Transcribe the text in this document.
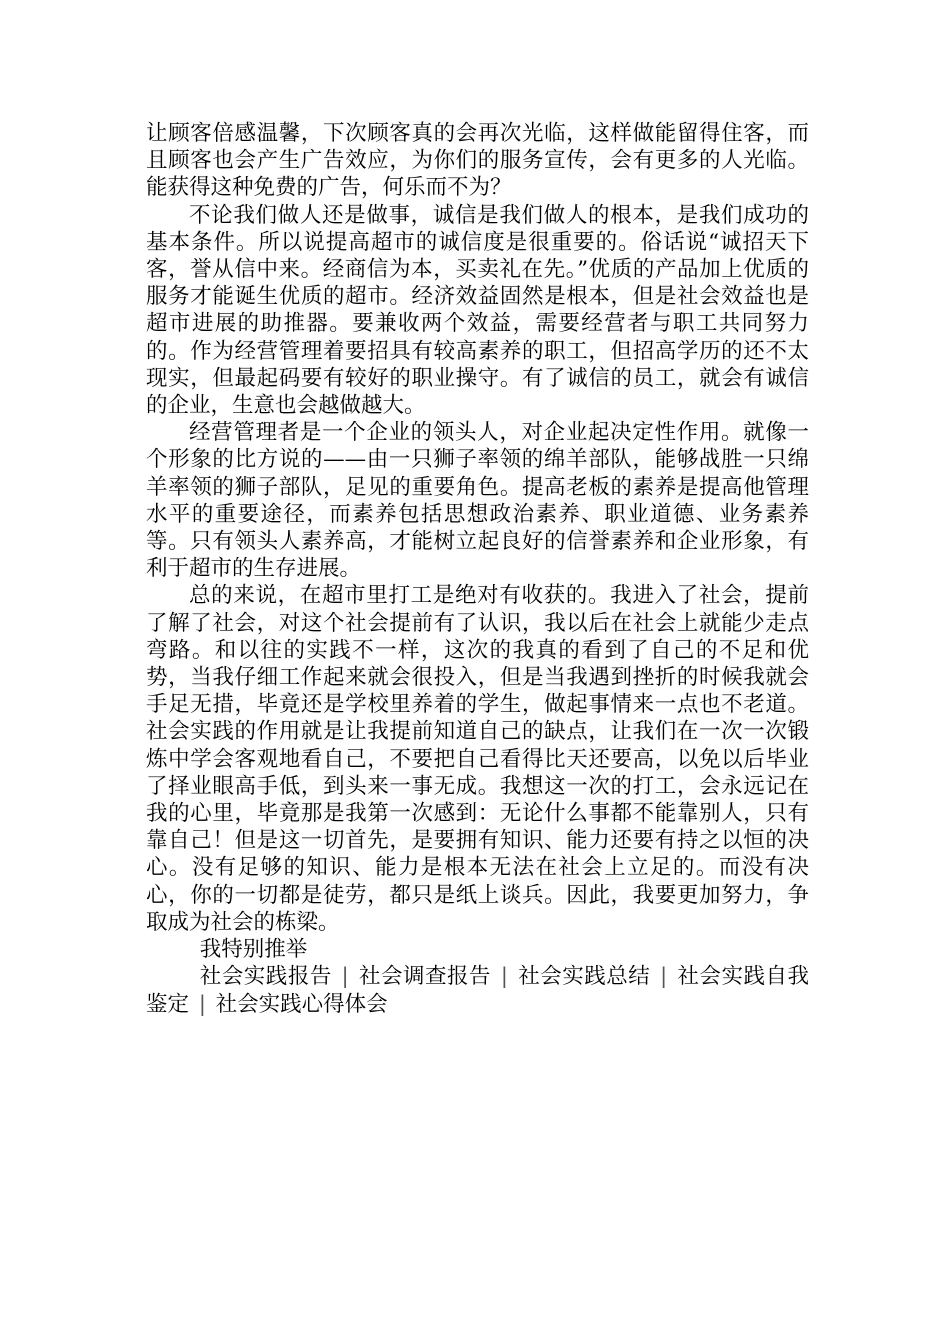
让顾客倍感温馨，下次顾客真的会再次光临，这样做能留得住客，而且顾客也会产生广告效应，为你们的服务宣传，会有更多的人光临。能获得这种免费的广告，何乐而不为？

不论我们做人还是做事，诚信是我们做人的根本，是我们成功的基本条件。所以说提高超市的诚信度是很重要的。俗话说“诚招天下客，誉从信中来。经商信为本，买卖礼在先。”优质的产品加上优质的服务才能诞生优质的超市。经济效益固然是根本，但是社会效益也是超市进展的助推器。要兼收两个效益，需要经营者与职工共同努力的。作为经营管理着要招具有较高素养的职工，但招高学历的还不太现实，但最起码要有较好的职业操守。有了诚信的员工，就会有诚信的企业，生意也会越做越大。

经营管理者是一个企业的领头人，对企业起决定性作用。就像一个形象的比方说的——由一只狮子率领的绵羊部队，能够战胜一只绵羊率领的狮子部队，足见的重要角色。提高老板的素养是提高他管理水平的重要途径，而素养包括思想政治素养、职业道德、业务素养等。只有领头人素养高，才能树立起良好的信誉素养和企业形象，有利于超市的生存进展。

总的来说，在超市里打工是绝对有收获的。我进入了社会，提前了解了社会，对这个社会提前有了认识，我以后在社会上就能少走点弯路。和以往的实践不一样，这次的我真的看到了自己的不足和优势，当我仔细工作起来就会很投入，但是当我遇到挫折的时候我就会手足无措，毕竟还是学校里养着的学生，做起事情来一点也不老道。社会实践的作用就是让我提前知道自己的缺点，让我们在一次一次锻炼中学会客观地看自己，不要把自己看得比天还要高，以免以后毕业了择业眼高手低，到头来一事无成。我想这一次的打工，会永远记在我的心里，毕竟那是我第一次感到：无论什么事都不能靠别人，只有靠自己！但是这一切首先，是要拥有知识、能力还要有持之以恒的决心。没有足够的知识、能力是根本无法在社会上立足的。而没有决心，你的一切都是徒劳，都只是纸上谈兵。因此，我要更加努力，争取成为社会的栋梁。

我特别推举

社会实践报告 | 社会调查报告 | 社会实践总结 | 社会实践自我鉴定 | 社会实践心得体会
